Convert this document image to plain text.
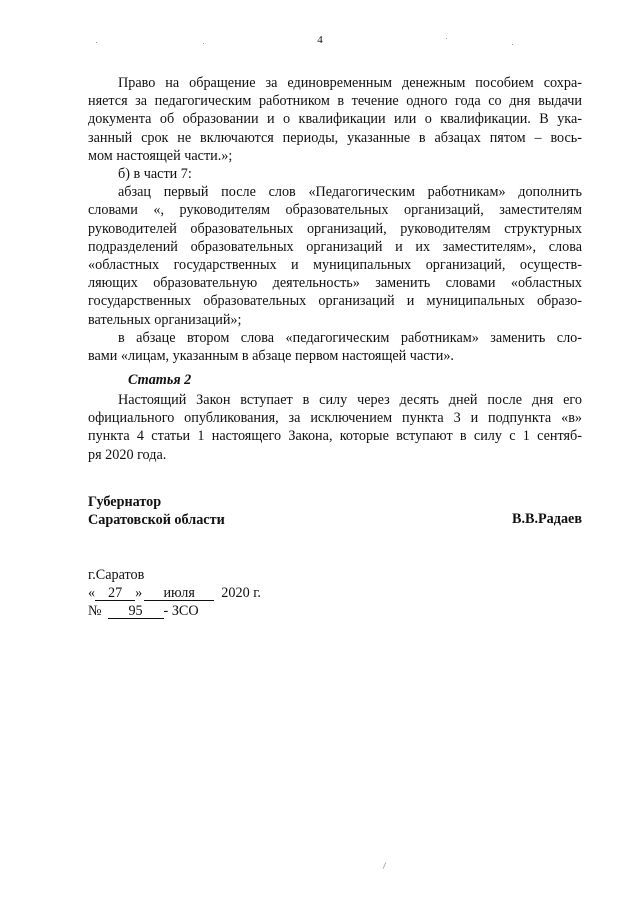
4
Право на обращение за единовременным денежным пособием сохра-
няется за педагогическим работником в течение одного года со дня выдачи
документа об образовании и о квалификации или о квалификации. В ука-
занный срок не включаются периоды, указанные в абзацах пятом – вось-
мом настоящей части.»;
б) в части 7:
абзац первый после слов «Педагогическим работникам» дополнить
словами «, руководителям образовательных организаций, заместителям
руководителей образовательных организаций, руководителям структурных
подразделений образовательных организаций и их заместителям», слова
«областных государственных и муниципальных организаций, осуществ-
ляющих образовательную деятельность» заменить словами «областных
государственных образовательных организаций и муниципальных образо-
вательных организаций»;
в абзаце втором слова «педагогическим работникам» заменить сло-
вами «лицам, указанным в абзаце первом настоящей части».
Статья 2
Настоящий Закон вступает в силу через десять дней после дня его
официального опубликования, за исключением пункта 3 и подпункта «в»
пункта 4 статьи 1 настоящего Закона, которые вступают в силу с 1 сентяб-
ря 2020 года.
Губернатор
Саратовской области	В.В.Радаев
г.Саратов
« 27 » июля 2020 г.
№ 95 - ЗСО
